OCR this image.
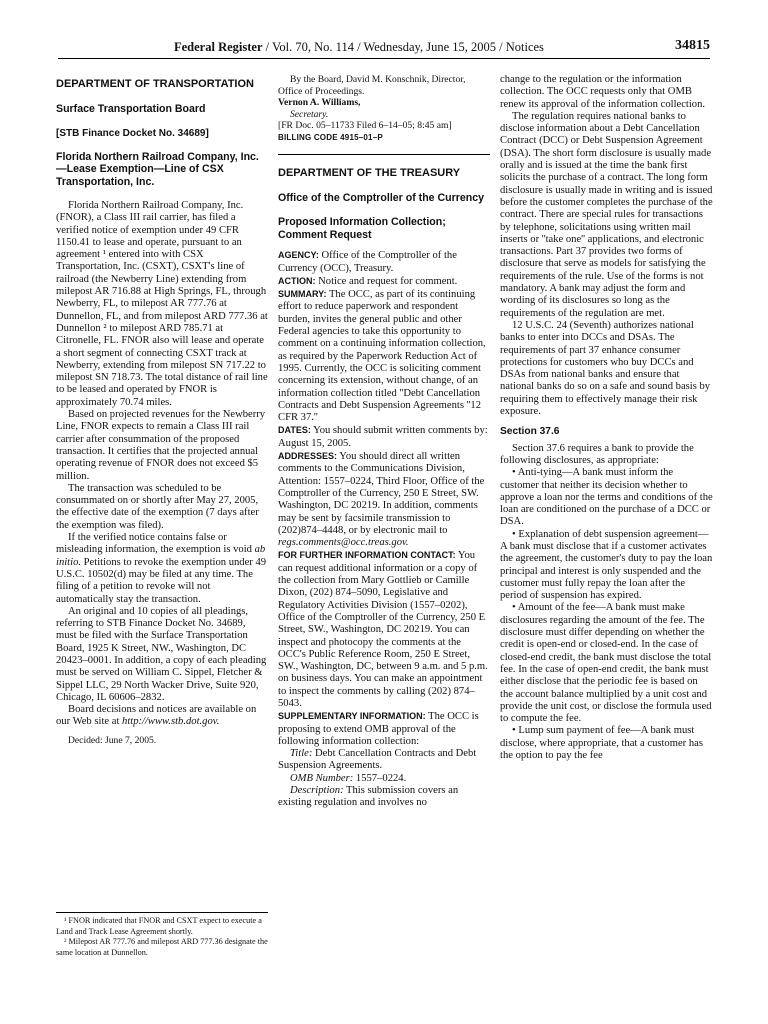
Federal Register / Vol. 70, No. 114 / Wednesday, June 15, 2005 / Notices	34815
DEPARTMENT OF TRANSPORTATION
Surface Transportation Board
[STB Finance Docket No. 34689]
Florida Northern Railroad Company, Inc.—Lease Exemption—Line of CSX Transportation, Inc.

Florida Northern Railroad Company, Inc. (FNOR), a Class III rail carrier, has filed a verified notice of exemption under 49 CFR 1150.41 to lease and operate, pursuant to an agreement ¹ entered into with CSX Transportation, Inc. (CSXT), CSXT's line of railroad (the Newberry Line) extending from milepost AR 716.88 at High Springs, FL, through Newberry, FL, to milepost AR 777.76 at Dunnellon, FL, and from milepost ARD 777.36 at Dunnellon ² to milepost ARD 785.71 at Citronelle, FL. FNOR also will lease and operate a short segment of connecting CSXT track at Newberry, extending from milepost SN 717.22 to milepost SN 718.73. The total distance of rail line to be leased and operated by FNOR is approximately 70.74 miles.

Based on projected revenues for the Newberry Line, FNOR expects to remain a Class III rail carrier after consummation of the proposed transaction. It certifies that the projected annual operating revenue of FNOR does not exceed $5 million.

The transaction was scheduled to be consummated on or shortly after May 27, 2005, the effective date of the exemption (7 days after the exemption was filed).

If the verified notice contains false or misleading information, the exemption is void ab initio. Petitions to revoke the exemption under 49 U.S.C. 10502(d) may be filed at any time. The filing of a petition to revoke will not automatically stay the transaction.

An original and 10 copies of all pleadings, referring to STB Finance Docket No. 34689, must be filed with the Surface Transportation Board, 1925 K Street, NW., Washington, DC 20423–0001. In addition, a copy of each pleading must be served on William C. Sippel, Fletcher & Sippel LLC, 29 North Wacker Drive, Suite 920, Chicago, IL 60606–2832.

Board decisions and notices are available on our Web site at http://www.stb.dot.gov.

Decided: June 7, 2005.

¹ FNOR indicated that FNOR and CSXT expect to execute a Land and Track Lease Agreement shortly.

² Milepost AR 777.76 and milepost ARD 777.36 designate the same location at Dunnellon.

By the Board, David M. Konschnik, Director, Office of Proceedings.

Vernon A. Williams,

Secretary.

[FR Doc. 05–11733 Filed 6–14–05; 8:45 am]

BILLING CODE 4915–01–P
DEPARTMENT OF THE TREASURY
Office of the Comptroller of the Currency
Proposed Information Collection; Comment Request

AGENCY: Office of the Comptroller of the Currency (OCC), Treasury.

ACTION: Notice and request for comment.

SUMMARY: The OCC, as part of its continuing effort to reduce paperwork and respondent burden, invites the general public and other Federal agencies to take this opportunity to comment on a continuing information collection, as required by the Paperwork Reduction Act of 1995. Currently, the OCC is soliciting comment concerning its extension, without change, of an information collection titled ''Debt Cancellation Contracts and Debt Suspension Agreements ''12 CFR 37.''

DATES: You should submit written comments by: August 15, 2005.

ADDRESSES: You should direct all written comments to the Communications Division, Attention: 1557–0224, Third Floor, Office of the Comptroller of the Currency, 250 E Street, SW. Washington, DC 20219. In addition, comments may be sent by facsimile transmission to (202)874–4448, or by electronic mail to regs.comments@occ.treas.gov.

FOR FURTHER INFORMATION CONTACT: You can request additional information or a copy of the collection from Mary Gottlieb or Camille Dixon, (202) 874–5090, Legislative and Regulatory Activities Division (1557–0202), Office of the Comptroller of the Currency, 250 E Street, SW., Washington, DC 20219. You can inspect and photocopy the comments at the OCC's Public Reference Room, 250 E Street, SW., Washington, DC, between 9 a.m. and 5 p.m. on business days. You can make an appointment to inspect the comments by calling (202) 874–5043.

SUPPLEMENTARY INFORMATION: The OCC is proposing to extend OMB approval of the following information collection:

Title: Debt Cancellation Contracts and Debt Suspension Agreements.

OMB Number: 1557–0224.

Description: This submission covers an existing regulation and involves no

change to the regulation or the information collection. The OCC requests only that OMB renew its approval of the information collection.

The regulation requires national banks to disclose information about a Debt Cancellation Contract (DCC) or Debt Suspension Agreement (DSA). The short form disclosure is usually made orally and is issued at the time the bank first solicits the purchase of a contract. The long form disclosure is usually made in writing and is issued before the customer completes the purchase of the contract. There are special rules for transactions by telephone, solicitations using written mail inserts or ''take one'' applications, and electronic transactions. Part 37 provides two forms of disclosure that serve as models for satisfying the requirements of the rule. Use of the forms is not mandatory. A bank may adjust the form and wording of its disclosures so long as the requirements of the regulation are met.

12 U.S.C. 24 (Seventh) authorizes national banks to enter into DCCs and DSAs. The requirements of part 37 enhance consumer protections for customers who buy DCCs and DSAs from national banks and ensure that national banks do so on a safe and sound basis by requiring them to effectively manage their risk exposure.

Section 37.6

Section 37.6 requires a bank to provide the following disclosures, as appropriate:

• Anti-tying—A bank must inform the customer that neither its decision whether to approve a loan nor the terms and conditions of the loan are conditioned on the purchase of a DCC or DSA.

• Explanation of debt suspension agreement—A bank must disclose that if a customer activates the agreement, the customer's duty to pay the loan principal and interest is only suspended and the customer must fully repay the loan after the period of suspension has expired.

• Amount of the fee—A bank must make disclosures regarding the amount of the fee. The disclosure must differ depending on whether the credit is open-end or closed-end. In the case of closed-end credit, the bank must disclose the total fee. In the case of open-end credit, the bank must either disclose that the periodic fee is based on the account balance multiplied by a unit cost and provide the unit cost, or disclose the formula used to compute the fee.

• Lump sum payment of fee—A bank must disclose, where appropriate, that a customer has the option to pay the fee
